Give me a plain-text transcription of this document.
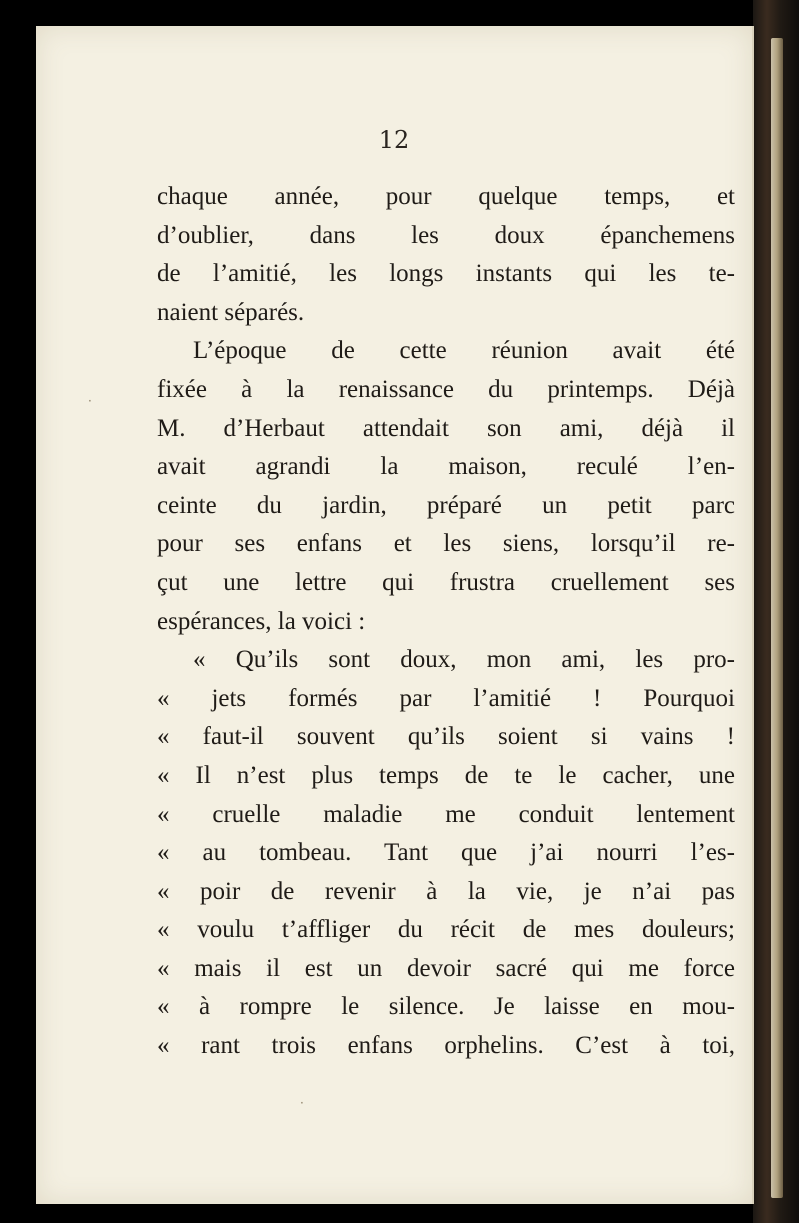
12
chaque année, pour quelque temps, et
d’oublier, dans les doux épanchemens
de l’amitié, les longs instants qui les te-
naient séparés.
L’époque de cette réunion avait été
fixée à la renaissance du printemps. Déjà
M. d’Herbaut attendait son ami, déjà il
avait agrandi la maison, reculé l’en-
ceinte du jardin, préparé un petit parc
pour ses enfans et les siens, lorsqu’il re-
çut une lettre qui frustra cruellement ses
espérances, la voici :
« Qu’ils sont doux, mon ami, les pro-
« jets formés par l’amitié ! Pourquoi
« faut-il souvent qu’ils soient si vains !
« Il n’est plus temps de te le cacher, une
« cruelle maladie me conduit lentement
« au tombeau. Tant que j’ai nourri l’es-
« poir de revenir à la vie, je n’ai pas
« voulu t’affliger du récit de mes douleurs;
« mais il est un devoir sacré qui me force
« à rompre le silence. Je laisse en mou-
« rant trois enfans orphelins. C’est à toi,
·
·
